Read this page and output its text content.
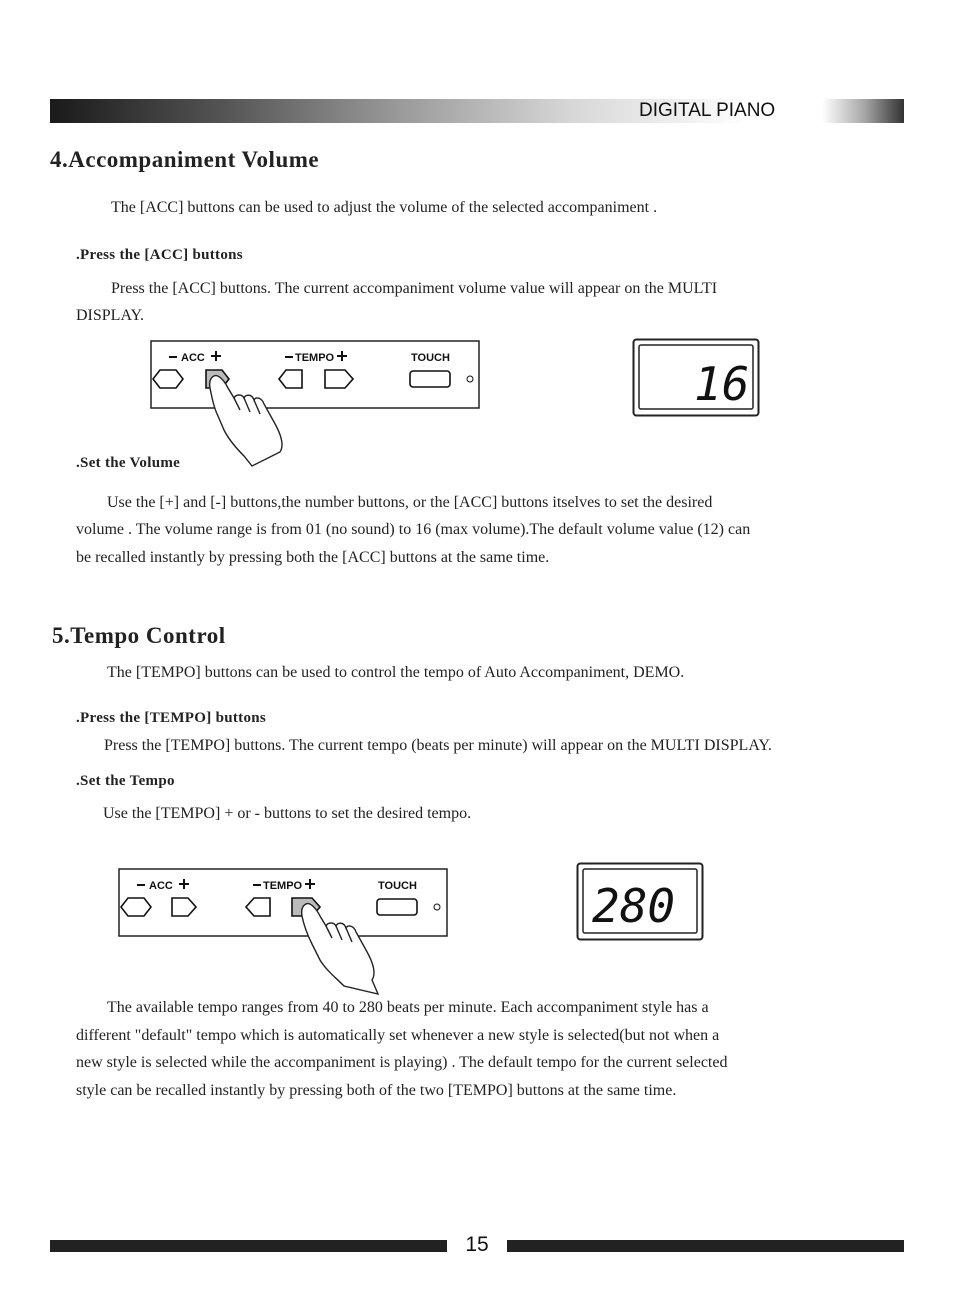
DIGITAL PIANO
4.Accompaniment Volume
The [ACC] buttons can be used to adjust the volume of the selected accompaniment .
.Press the [ACC] buttons
Press the [ACC] buttons. The current accompaniment volume value will appear on the MULTI
DISPLAY.
ACC	TEMPO	TOUCH	16
.Set the Volume
Use the [+] and [-] buttons,the number buttons, or the [ACC] buttons itselves to set the desired
volume . The volume range is from 01 (no sound) to 16 (max volume).The default volume value (12) can
be recalled instantly by pressing both the [ACC] buttons at the same time.
5.Tempo Control
The [TEMPO] buttons can be used to control the tempo of Auto Accompaniment, DEMO.
.Press the [TEMPO] buttons
Press the [TEMPO] buttons. The current tempo (beats per minute) will appear on the MULTI DISPLAY.
.Set the Tempo
Use the [TEMPO] + or - buttons to set the desired tempo.
ACC	TEMPO	TOUCH	280
The available tempo ranges from 40 to 280 beats per minute. Each accompaniment style has a
different "default" tempo which is automatically set whenever a new style is selected(but not when a
new style is selected while the accompaniment is playing) . The default tempo for the current selected
style can be recalled instantly by pressing both of the two [TEMPO] buttons at the same time.
15
